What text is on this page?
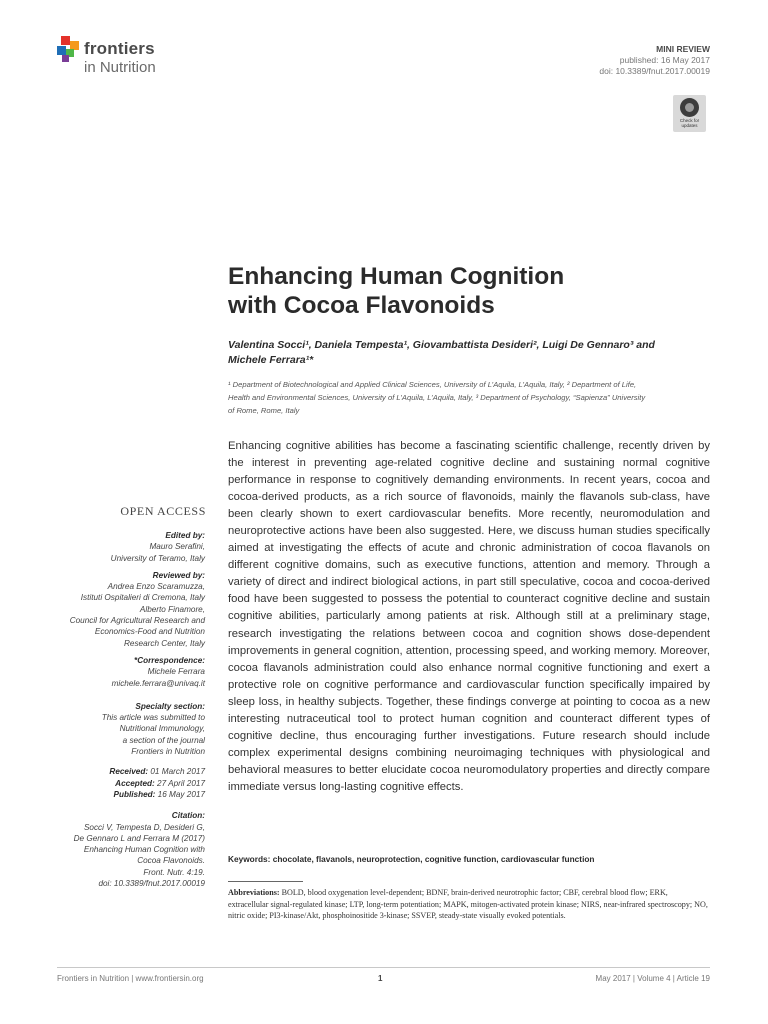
frontiers
in Nutrition
MINI REVIEW
published: 16 May 2017
doi: 10.3389/fnut.2017.00019
Check for updates
Enhancing Human Cognition
with Cocoa Flavonoids
Valentina Socci¹, Daniela Tempesta¹, Giovambattista Desideri², Luigi De Gennaro³ and
Michele Ferrara¹*
¹ Department of Biotechnological and Applied Clinical Sciences, University of L’Aquila, L’Aquila, Italy, ² Department of Life,
Health and Environmental Sciences, University of L’Aquila, L’Aquila, Italy, ³ Department of Psychology, “Sapienza” University
of Rome, Rome, Italy
Enhancing cognitive abilities has become a fascinating scientific challenge, recently driven by the interest in preventing age-related cognitive decline and sustaining normal cognitive performance in response to cognitively demanding environments. In recent years, cocoa and cocoa-derived products, as a rich source of flavonoids, mainly the flavanols sub-class, have been clearly shown to exert cardiovascular benefits. More recently, neuromodulation and neuroprotective actions have been also suggested. Here, we discuss human studies specifically aimed at investigating the effects of acute and chronic administration of cocoa flavanols on different cognitive domains, such as executive functions, attention and memory. Through a variety of direct and indirect biological actions, in part still speculative, cocoa and cocoa-derived food have been suggested to possess the potential to counteract cognitive decline and sustain cognitive abilities, particularly among patients at risk. Although still at a preliminary stage, research investigating the relations between cocoa and cognition shows dose-dependent improvements in general cognition, attention, processing speed, and working memory. Moreover, cocoa flavanols administration could also enhance normal cognitive functioning and exert a protective role on cognitive performance and cardiovascular function specifically impaired by sleep loss, in healthy subjects. Together, these findings converge at pointing to cocoa as a new interesting nutraceutical tool to protect human cognition and counteract different types of cognitive decline, thus encouraging further investigations. Future research should include complex experimental designs combining neuroimaging techniques with physiological and behavioral measures to better elucidate cocoa neuromodulatory properties and directly compare immediate versus long-lasting cognitive effects.
Keywords: chocolate, flavanols, neuroprotection, cognitive function, cardiovascular function
OPEN ACCESS
Edited by:
Mauro Serafini,
University of Teramo, Italy
Reviewed by:
Andrea Enzo Scaramuzza,
Istituti Ospitalieri di Cremona, Italy
Alberto Finamore,
Council for Agricultural Research and
Economics-Food and Nutrition
Research Center, Italy
*Correspondence:
Michele Ferrara
michele.ferrara@univaq.it
Specialty section:
This article was submitted to
Nutritional Immunology,
a section of the journal
Frontiers in Nutrition
Received: 01 March 2017
Accepted: 27 April 2017
Published: 16 May 2017
Citation:
Socci V, Tempesta D, Desideri G,
De Gennaro L and Ferrara M (2017)
Enhancing Human Cognition with
Cocoa Flavonoids.
Front. Nutr. 4:19.
doi: 10.3389/fnut.2017.00019
Abbreviations: BOLD, blood oxygenation level-dependent; BDNF, brain-derived neurotrophic factor; CBF, cerebral blood flow; ERK, extracellular signal-regulated kinase; LTP, long-term potentiation; MAPK, mitogen-activated protein kinase; NIRS, near-infrared spectroscopy; NO, nitric oxide; PI3-kinase/Akt, phosphoinositide 3-kinase; SSVEP, steady-state visually evoked potentials.
Frontiers in Nutrition | www.frontiersin.org	1	May 2017 | Volume 4 | Article 19
